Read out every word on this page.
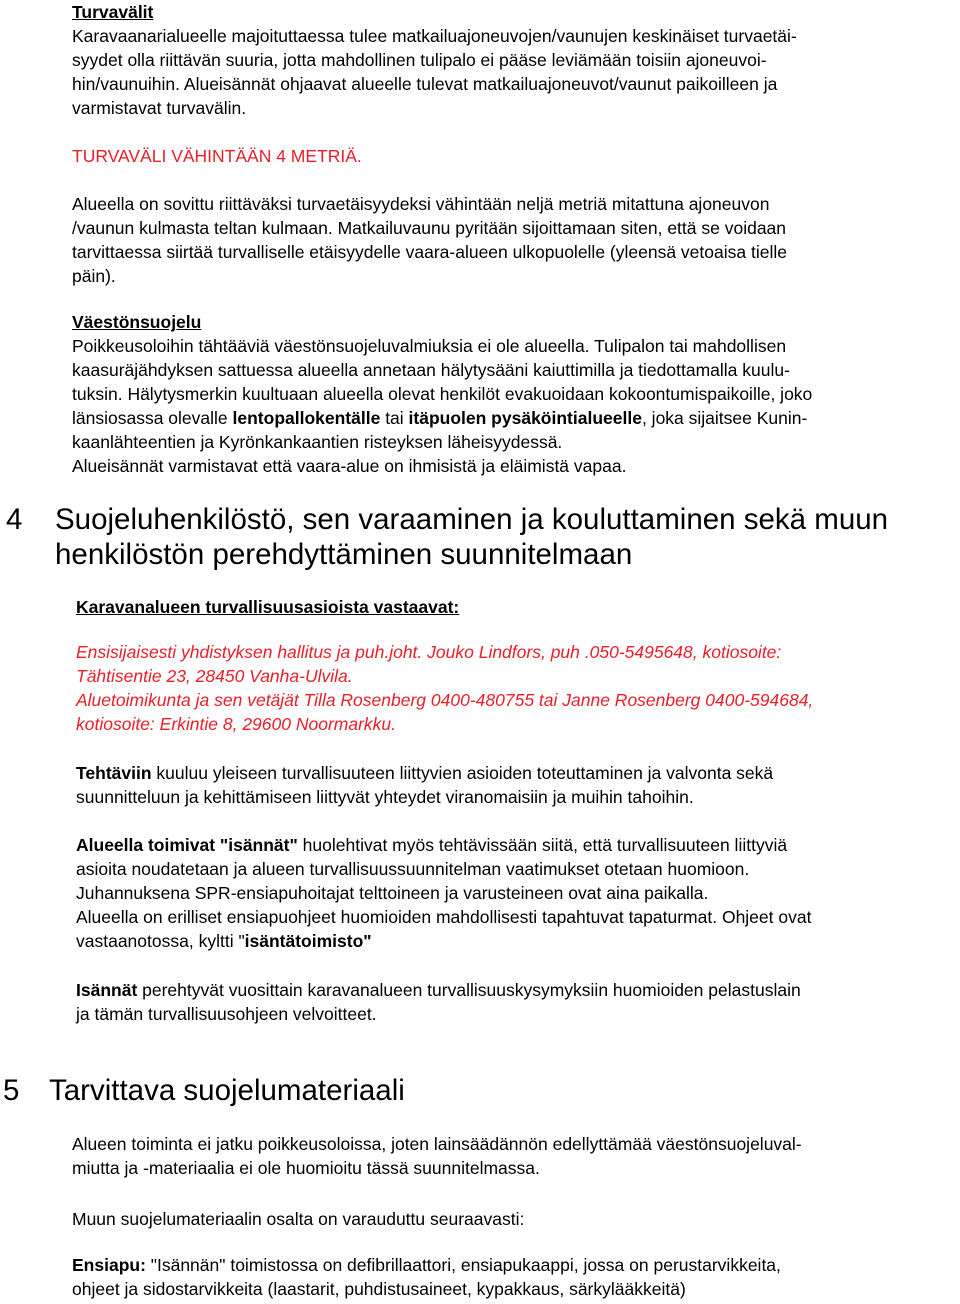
Turvavälit

Karavaanarialueelle majoituttaessa tulee matkailuajoneuvojen/vaunujen keskinäiset turvaetäi-

syydet olla riittävän suuria, jotta mahdollinen tulipalo ei pääse leviämään toisiin ajoneuvoi-

hin/vaunuihin. Alueisännät ohjaavat alueelle tulevat matkailuajoneuvot/vaunut paikoilleen ja

varmistavat turvavälin.

TURVAVÄLI VÄHINTÄÄN 4 METRIÄ.

Alueella on sovittu riittäväksi turvaetäisyydeksi vähintään neljä metriä mitattuna ajoneuvon

/vaunun kulmasta teltan kulmaan. Matkailuvaunu pyritään sijoittamaan siten, että se voidaan

tarvittaessa siirtää turvalliselle etäisyydelle vaara-alueen ulkopuolelle (yleensä vetoaisa tielle

päin).

Väestönsuojelu

Poikkeusoloihin tähtääviä väestönsuojeluvalmiuksia ei ole alueella. Tulipalon tai mahdollisen

kaasuräjähdyksen sattuessa alueella annetaan hälytysääni kaiuttimilla ja tiedottamalla kuulu-

tuksin. Hälytysmerkin kuultuaan alueella olevat henkilöt evakuoidaan kokoontumispaikoille, joko

länsiosassa olevalle lentopallokentälle tai itäpuolen pysäköintialueelle, joka sijaitsee Kunin-

kaanlähteentien ja Kyrönkankaantien risteyksen läheisyydessä.

Alueisännät varmistavat että vaara-alue on ihmisistä ja eläimistä vapaa.

4 Suojeluhenkilöstö, sen varaaminen ja kouluttaminen sekä muun
henkilöstön perehdyttäminen suunnitelmaan

Karavanalueen turvallisuusasioista vastaavat:

Ensisijaisesti yhdistyksen hallitus ja puh.joht. Jouko Lindfors, puh .050-5495648, kotiosoite:

Tähtisentie 23, 28450 Vanha-Ulvila.

Aluetoimikunta ja sen vetäjät Tilla Rosenberg 0400-480755 tai Janne Rosenberg 0400-594684,

kotiosoite: Erkintie 8, 29600 Noormarkku.

Tehtäviin kuuluu yleiseen turvallisuuteen liittyvien asioiden toteuttaminen ja valvonta sekä

suunnitteluun ja kehittämiseen liittyvät yhteydet viranomaisiin ja muihin tahoihin.

Alueella toimivat "isännät" huolehtivat myös tehtävissään siitä, että turvallisuuteen liittyviä

asioita noudatetaan ja alueen turvallisuussuunnitelman vaatimukset otetaan huomioon.

Juhannuksena SPR-ensiapuhoitajat telttoineen ja varusteineen ovat aina paikalla.

Alueella on erilliset ensiapuohjeet huomioiden mahdollisesti tapahtuvat tapaturmat. Ohjeet ovat

vastaanotossa, kyltti "isäntätoimisto"

Isännät perehtyvät vuosittain karavanalueen turvallisuuskysymyksiin huomioiden pelastuslain

ja tämän turvallisuusohjeen velvoitteet.

5 Tarvittava suojelumateriaali

Alueen toiminta ei jatku poikkeusoloissa, joten lainsäädännön edellyttämää väestönsuojeluval-

miutta ja -materiaalia ei ole huomioitu tässä suunnitelmassa.

Muun suojelumateriaalin osalta on varauduttu seuraavasti:

Ensiapu: "Isännän" toimistossa on defibrillaattori, ensiapukaappi, jossa on perustarvikkeita,

ohjeet ja sidostarvikkeita (laastarit, puhdistusaineet, kypakkaus, särkylääkkeitä)
